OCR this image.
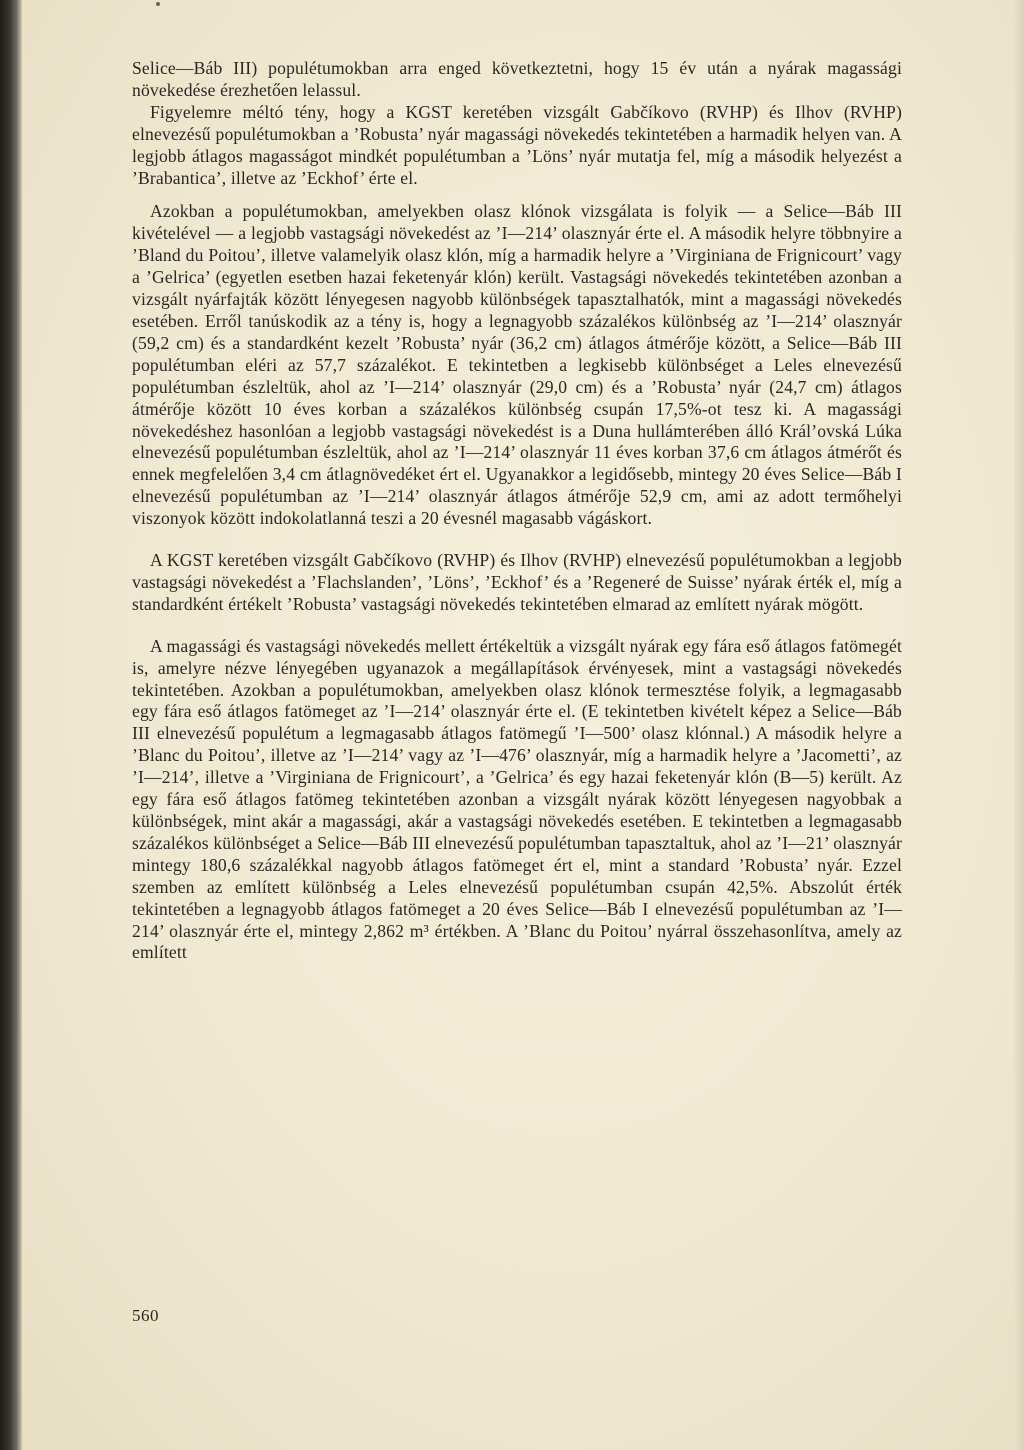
Selice—Báb III) populétumokban arra enged következtetni, hogy 15 év után a nyárak magassági növekedése érezhetően lelassul.

Figyelemre méltó tény, hogy a KGST keretében vizsgált Gabčíkovo (RVHP) és Ilhov (RVHP) elnevezésű populétumokban a ’Robusta’ nyár magassági növekedés tekintetében a harmadik helyen van. A legjobb átlagos magasságot mindkét populétumban a ’Löns’ nyár mutatja fel, míg a második helyezést a ’Brabantica’, illetve az ’Eckhof’ érte el.

Azokban a populétumokban, amelyekben olasz klónok vizsgálata is folyik — a Selice—Báb III kivételével — a legjobb vastagsági növekedést az ’I—214’ olasznyár érte el. A második helyre többnyire a ’Bland du Poitou’, illetve valamelyik olasz klón, míg a harmadik helyre a ’Virginiana de Frignicourt’ vagy a ’Gelrica’ (egyetlen esetben hazai feketenyár klón) került. Vastagsági növekedés tekintetében azonban a vizsgált nyárfajták között lényegesen nagyobb különbségek tapasztalhatók, mint a magassági növekedés esetében. Erről tanúskodik az a tény is, hogy a legnagyobb százalékos különbség az ’I—214’ olasznyár (59,2 cm) és a standardként kezelt ’Robusta’ nyár (36,2 cm) átlagos átmérője között, a Selice—Báb III populétumban eléri az 57,7 százalékot. E tekintetben a legkisebb különbséget a Leles elnevezésű populétumban észleltük, ahol az ’I—214’ olasznyár (29,0 cm) és a ’Robusta’ nyár (24,7 cm) átlagos átmérője között 10 éves korban a százalékos különbség csupán 17,5%-ot tesz ki. A magassági növekedéshez hasonlóan a legjobb vastagsági növekedést is a Duna hullámterében álló Král’ovská Lúka elnevezésű populétumban észleltük, ahol az ’I—214’ olasznyár 11 éves korban 37,6 cm átlagos átmérőt és ennek megfelelően 3,4 cm átlagnövedéket ért el. Ugyanakkor a legidősebb, mintegy 20 éves Selice—Báb I elnevezésű populétumban az ’I—214’ olasznyár átlagos átmérője 52,9 cm, ami az adott termőhelyi viszonyok között indokolatlanná teszi a 20 évesnél magasabb vágáskort.

A KGST keretében vizsgált Gabčíkovo (RVHP) és Ilhov (RVHP) elnevezésű populétumokban a legjobb vastagsági növekedést a ’Flachslanden’, ’Löns’, ’Eckhof’ és a ’Regeneré de Suisse’ nyárak érték el, míg a standardként értékelt ’Robusta’ vastagsági növekedés tekintetében elmarad az említett nyárak mögött.

A magassági és vastagsági növekedés mellett értékeltük a vizsgált nyárak egy fára eső átlagos fatömegét is, amelyre nézve lényegében ugyanazok a megállapítások érvényesek, mint a vastagsági növekedés tekintetében. Azokban a populétumokban, amelyekben olasz klónok termesztése folyik, a legmagasabb egy fára eső átlagos fatömeget az ’I—214’ olasznyár érte el. (E tekintetben kivételt képez a Selice—Báb III elnevezésű populétum a legmagasabb átlagos fatömegű ’I—500’ olasz klónnal.) A második helyre a ’Blanc du Poitou’, illetve az ’I—214’ vagy az ’I—476’ olasznyár, míg a harmadik helyre a ’Jacometti’, az ’I—214’, illetve a ’Virginiana de Frignicourt’, a ’Gelrica’ és egy hazai feketenyár klón (B—5) került. Az egy fára eső átlagos fatömeg tekintetében azonban a vizsgált nyárak között lényegesen nagyobbak a különbségek, mint akár a magassági, akár a vastagsági növekedés esetében. E tekintetben a legmagasabb százalékos különbséget a Selice—Báb III elnevezésű populétumban tapasztaltuk, ahol az ’I—21’ olasznyár mintegy 180,6 százalékkal nagyobb átlagos fatömeget ért el, mint a standard ’Robusta’ nyár. Ezzel szemben az említett különbség a Leles elnevezésű populétumban csupán 42,5%. Abszolút érték tekintetében a legnagyobb átlagos fatömeget a 20 éves Selice—Báb I elnevezésű populétumban az ’I—214’ olasznyár érte el, mintegy 2,862 m³ értékben. A ’Blanc du Poitou’ nyárral összehasonlítva, amely az említett

560
